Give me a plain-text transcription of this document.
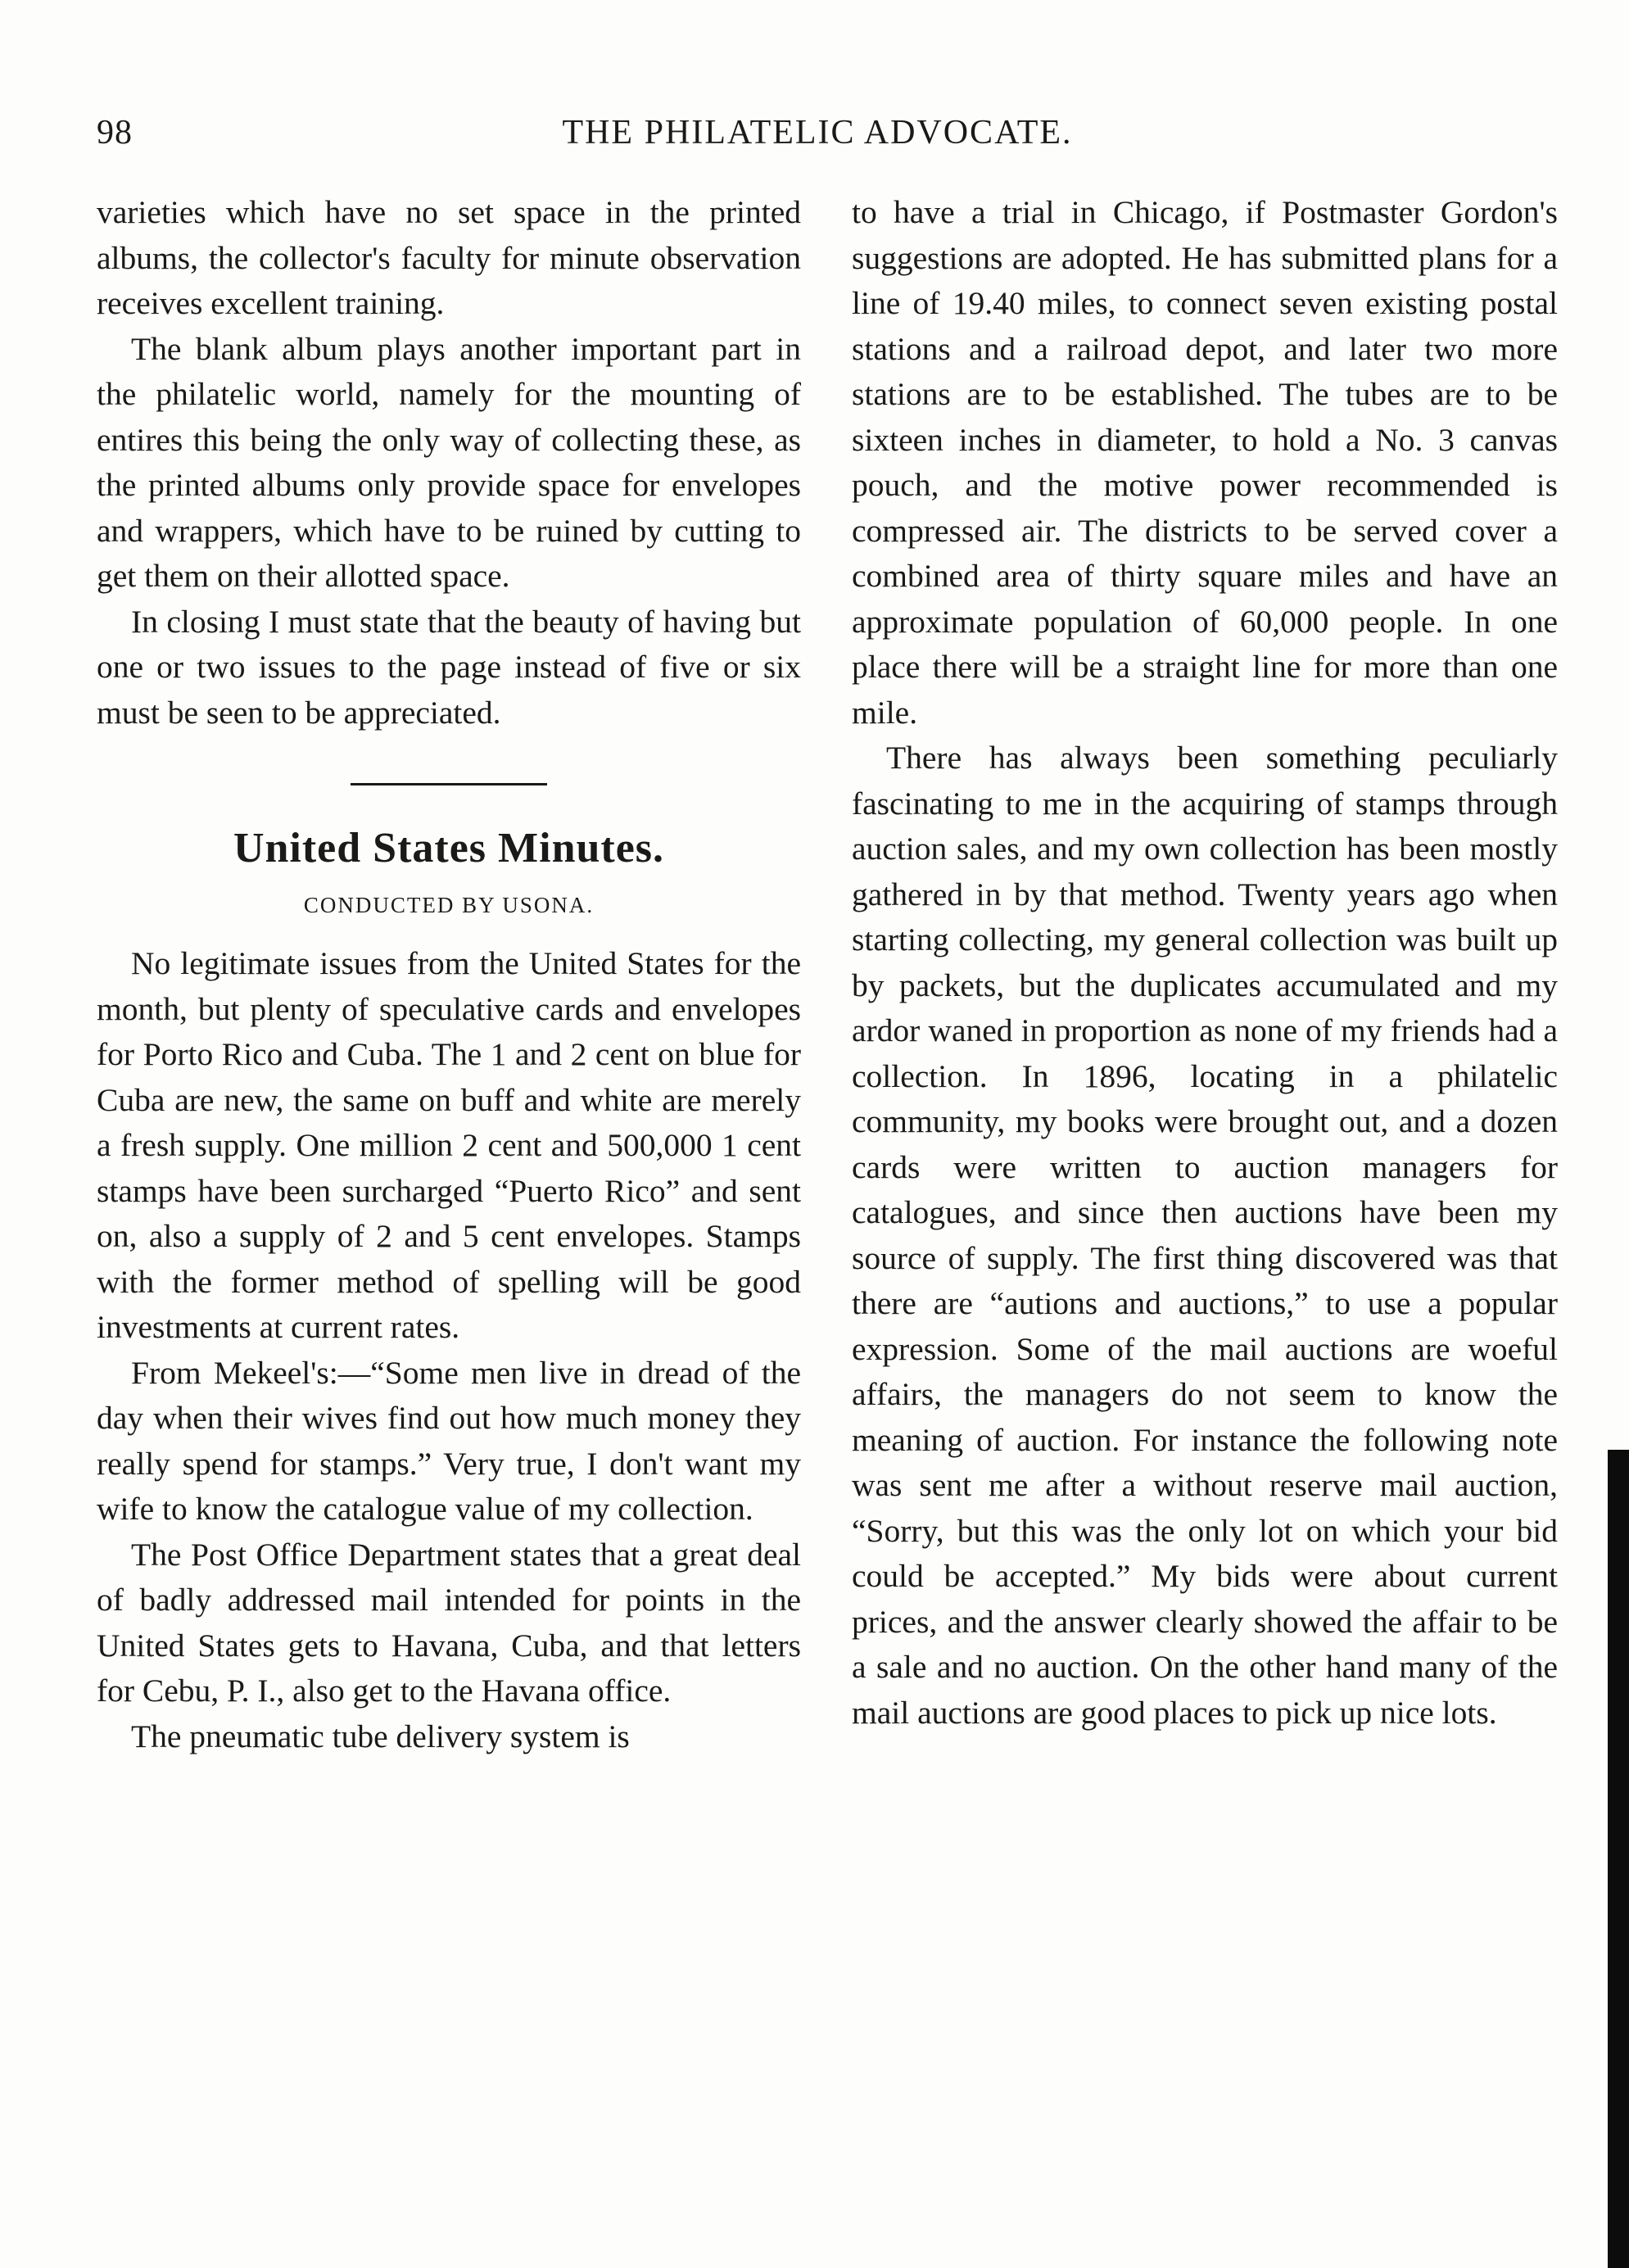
98	THE PHILATELIC ADVOCATE.

varieties which have no set space in the printed albums, the collector's faculty for minute observation receives excellent training.

The blank album plays another important part in the philatelic world, namely for the mounting of entires this being the only way of collecting these, as the printed albums only provide space for envelopes and wrappers, which have to be ruined by cutting to get them on their allotted space.

In closing I must state that the beauty of having but one or two issues to the page instead of five or six must be seen to be appreciated.

United States Minutes.
CONDUCTED BY USONA.

No legitimate issues from the United States for the month, but plenty of speculative cards and envelopes for Porto Rico and Cuba. The 1 and 2 cent on blue for Cuba are new, the same on buff and white are merely a fresh supply. One million 2 cent and 500,000 1 cent stamps have been surcharged “Puerto Rico” and sent on, also a supply of 2 and 5 cent envelopes. Stamps with the former method of spelling will be good investments at current rates.

From Mekeel's:—“Some men live in dread of the day when their wives find out how much money they really spend for stamps.” Very true, I don't want my wife to know the catalogue value of my collection.

The Post Office Department states that a great deal of badly addressed mail intended for points in the United States gets to Havana, Cuba, and that letters for Cebu, P. I., also get to the Havana office.

The pneumatic tube delivery system is

to have a trial in Chicago, if Postmaster Gordon's suggestions are adopted. He has submitted plans for a line of 19.40 miles, to connect seven existing postal stations and a railroad depot, and later two more stations are to be established. The tubes are to be sixteen inches in diameter, to hold a No. 3 canvas pouch, and the motive power recommended is compressed air. The districts to be served cover a combined area of thirty square miles and have an approximate population of 60,000 people. In one place there will be a straight line for more than one mile.

There has always been something peculiarly fascinating to me in the acquiring of stamps through auction sales, and my own collection has been mostly gathered in by that method. Twenty years ago when starting collecting, my general collection was built up by packets, but the duplicates accumulated and my ardor waned in proportion as none of my friends had a collection. In 1896, locating in a philatelic community, my books were brought out, and a dozen cards were written to auction managers for catalogues, and since then auctions have been my source of supply. The first thing discovered was that there are “autions and auctions,” to use a popular expression. Some of the mail auctions are woeful affairs, the managers do not seem to know the meaning of auction. For instance the following note was sent me after a without reserve mail auction, “Sorry, but this was the only lot on which your bid could be accepted.” My bids were about current prices, and the answer clearly showed the affair to be a sale and no auction. On the other hand many of the mail auctions are good places to pick up nice lots.
